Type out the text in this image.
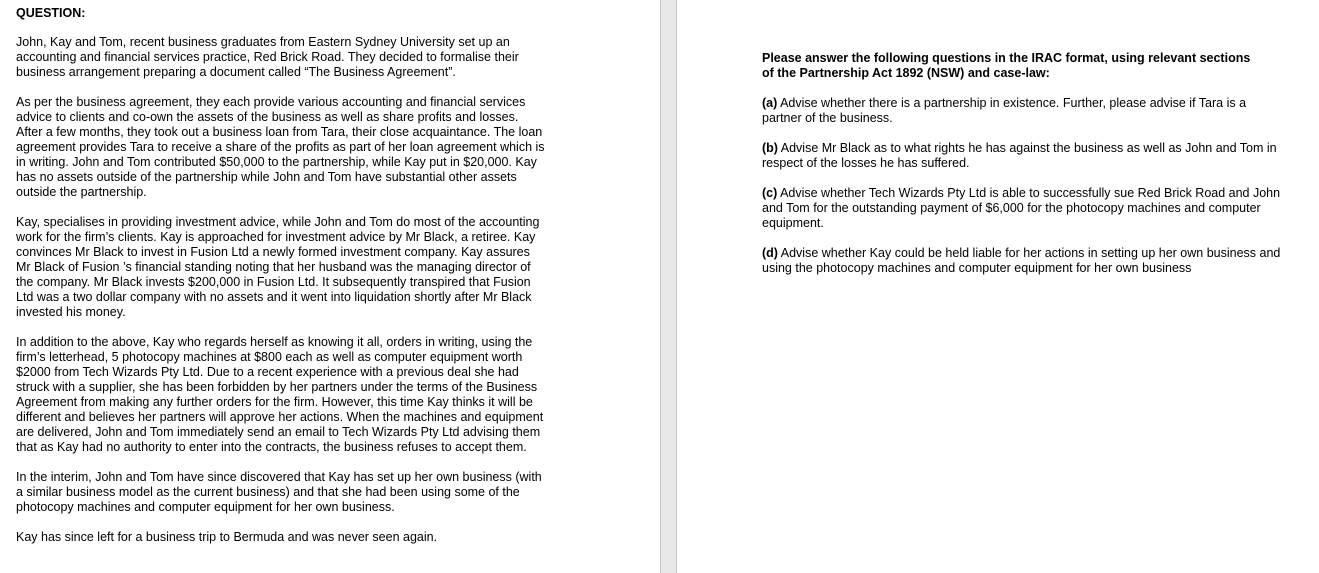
QUESTION:

John, Kay and Tom, recent business graduates from Eastern Sydney University set up an
accounting and financial services practice, Red Brick Road. They decided to formalise their
business arrangement preparing a document called “The Business Agreement”.

As per the business agreement, they each provide various accounting and financial services
advice to clients and co-own the assets of the business as well as share profits and losses.
After a few months, they took out a business loan from Tara, their close acquaintance. The loan
agreement provides Tara to receive a share of the profits as part of her loan agreement which is
in writing. John and Tom contributed $50,000 to the partnership, while Kay put in $20,000. Kay
has no assets outside of the partnership while John and Tom have substantial other assets
outside the partnership.

Kay, specialises in providing investment advice, while John and Tom do most of the accounting
work for the firm’s clients. Kay is approached for investment advice by Mr Black, a retiree. Kay
convinces Mr Black to invest in Fusion Ltd a newly formed investment company. Kay assures
Mr Black of Fusion ’s financial standing noting that her husband was the managing director of
the company. Mr Black invests $200,000 in Fusion Ltd. It subsequently transpired that Fusion
Ltd was a two dollar company with no assets and it went into liquidation shortly after Mr Black
invested his money.

In addition to the above, Kay who regards herself as knowing it all, orders in writing, using the
firm’s letterhead, 5 photocopy machines at $800 each as well as computer equipment worth
$2000 from Tech Wizards Pty Ltd. Due to a recent experience with a previous deal she had
struck with a supplier, she has been forbidden by her partners under the terms of the Business
Agreement from making any further orders for the firm. However, this time Kay thinks it will be
different and believes her partners will approve her actions. When the machines and equipment
are delivered, John and Tom immediately send an email to Tech Wizards Pty Ltd advising them
that as Kay had no authority to enter into the contracts, the business refuses to accept them.

In the interim, John and Tom have since discovered that Kay has set up her own business (with
a similar business model as the current business) and that she had been using some of the
photocopy machines and computer equipment for her own business.

Kay has since left for a business trip to Bermuda and was never seen again.

Please answer the following questions in the IRAC format, using relevant sections
of the Partnership Act 1892 (NSW) and case-law:

(a) Advise whether there is a partnership in existence. Further, please advise if Tara is a
partner of the business.

(b) Advise Mr Black as to what rights he has against the business as well as John and Tom in
respect of the losses he has suffered.

(c) Advise whether Tech Wizards Pty Ltd is able to successfully sue Red Brick Road and John
and Tom for the outstanding payment of $6,000 for the photocopy machines and computer
equipment.

(d) Advise whether Kay could be held liable for her actions in setting up her own business and
using the photocopy machines and computer equipment for her own business
